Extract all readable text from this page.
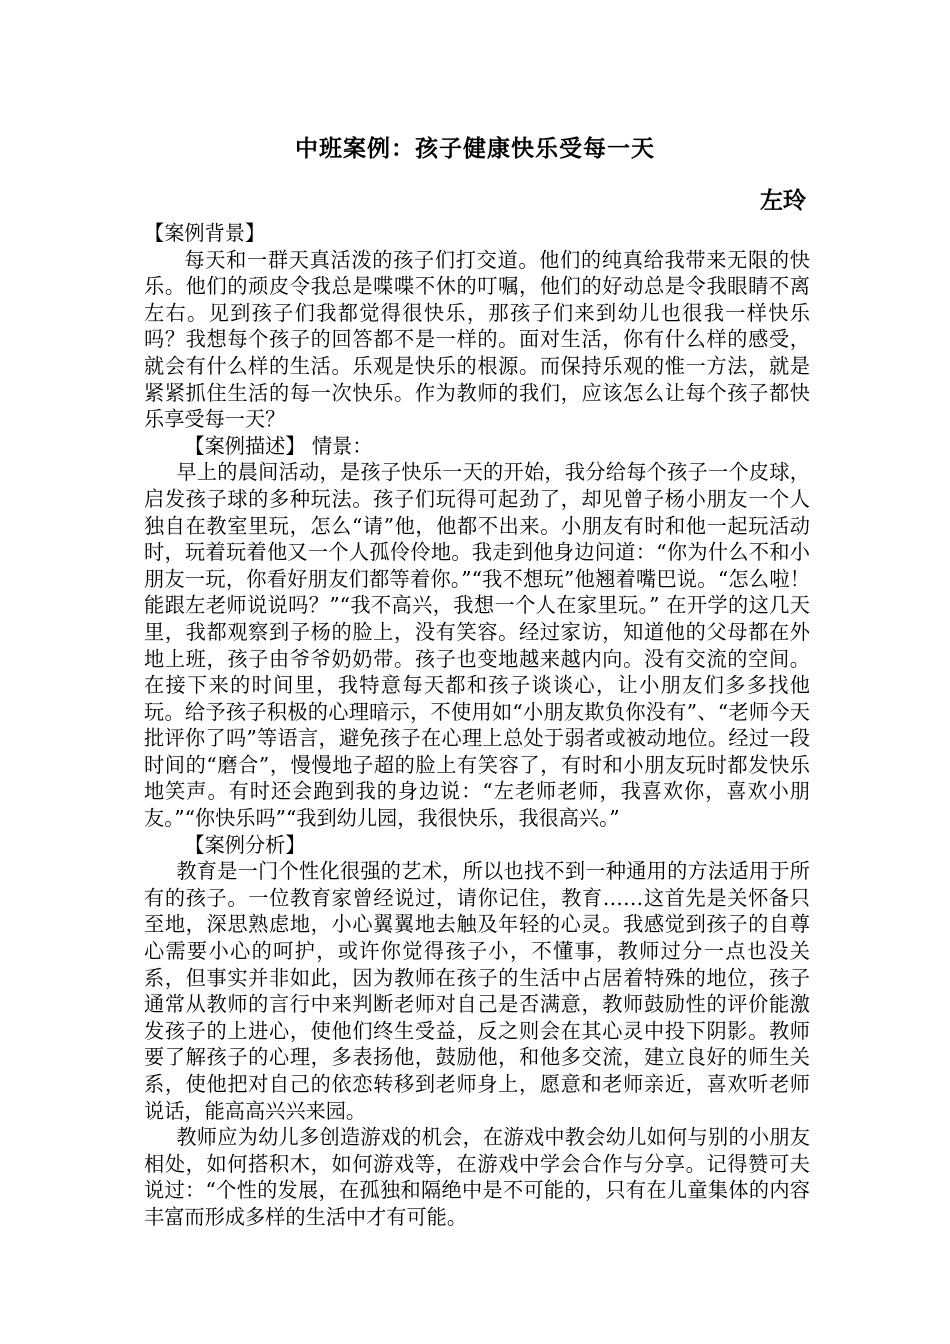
中班案例：孩子健康快乐受每一天
左玲

【案例背景】

每天和一群天真活泼的孩子们打交道。他们的纯真给我带来无限的快乐。他们的顽皮令我总是喋喋不休的叮嘱，他们的好动总是令我眼睛不离左右。见到孩子们我都觉得很快乐，那孩子们来到幼儿也很我一样快乐吗？我想每个孩子的回答都不是一样的。面对生活，你有什么样的感受，就会有什么样的生活。乐观是快乐的根源。而保持乐观的惟一方法，就是紧紧抓住生活的每一次快乐。作为教师的我们，应该怎么让每个孩子都快乐享受每一天？

【案例描述】 情景：

早上的晨间活动，是孩子快乐一天的开始，我分给每个孩子一个皮球，启发孩子球的多种玩法。孩子们玩得可起劲了，却见曾子杨小朋友一个人独自在教室里玩，怎么“请”他，他都不出来。小朋友有时和他一起玩活动时，玩着玩着他又一个人孤伶伶地。我走到他身边问道：“你为什么不和小朋友一玩，你看好朋友们都等着你。”“我不想玩”他翘着嘴巴说。“怎么啦！能跟左老师说说吗？”“我不高兴，我想一个人在家里玩。” 在开学的这几天里，我都观察到子杨的脸上，没有笑容。经过家访，知道他的父母都在外地上班，孩子由爷爷奶奶带。孩子也变地越来越内向。没有交流的空间。在接下来的时间里，我特意每天都和孩子谈谈心，让小朋友们多多找他玩。给予孩子积极的心理暗示，不使用如“小朋友欺负你没有”、“老师今天批评你了吗”等语言，避免孩子在心理上总处于弱者或被动地位。经过一段时间的“磨合”，慢慢地子超的脸上有笑容了，有时和小朋友玩时都发快乐地笑声。有时还会跑到我的身边说：“左老师老师，我喜欢你，喜欢小朋友。”“你快乐吗”“我到幼儿园，我很快乐，我很高兴。”

【案例分析】

教育是一门个性化很强的艺术，所以也找不到一种通用的方法适用于所有的孩子。一位教育家曾经说过，请你记住，教育……这首先是关怀备只至地，深思熟虑地，小心翼翼地去触及年轻的心灵。我感觉到孩子的自尊心需要小心的呵护，或许你觉得孩子小，不懂事，教师过分一点也没关系，但事实并非如此，因为教师在孩子的生活中占居着特殊的地位，孩子通常从教师的言行中来判断老师对自己是否满意，教师鼓励性的评价能激发孩子的上进心，使他们终生受益，反之则会在其心灵中投下阴影。教师要了解孩子的心理，多表扬他，鼓励他，和他多交流，建立良好的师生关系，使他把对自己的依恋转移到老师身上，愿意和老师亲近，喜欢听老师说话，能高高兴兴来园。

教师应为幼儿多创造游戏的机会，在游戏中教会幼儿如何与别的小朋友相处，如何搭积木，如何游戏等，在游戏中学会合作与分享。记得赞可夫说过：“个性的发展，在孤独和隔绝中是不可能的，只有在儿童集体的内容丰富而形成多样的生活中才有可能。
